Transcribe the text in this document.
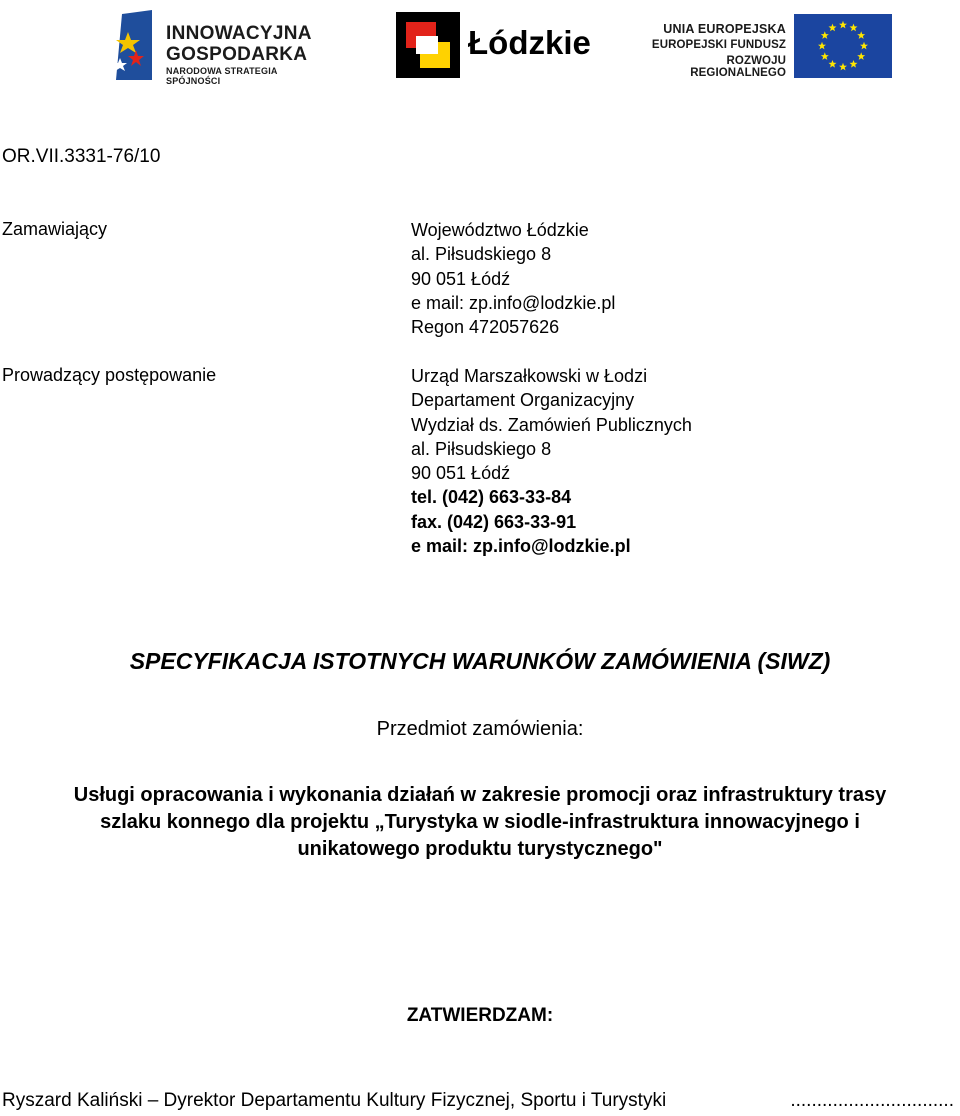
INNOWACYJNA
GOSPODARKA
NARODOWA STRATEGIA SPÓJNOŚCI
Łódzkie	UNIA EUROPEJSKA
EUROPEJSKI FUNDUSZ
ROZWOJU REGIONALNEGO
OR.VII.3331-76/10
Zamawiający	Województwo Łódzkie
al. Piłsudskiego 8
90 051 Łódź
e mail: zp.info@lodzkie.pl
Regon 472057626
Prowadzący postępowanie	Urząd Marszałkowski w Łodzi
Departament Organizacyjny
Wydział ds. Zamówień Publicznych
al. Piłsudskiego 8
90 051 Łódź
tel. (042) 663-33-84
fax. (042) 663-33-91
e mail: zp.info@lodzkie.pl
SPECYFIKACJA ISTOTNYCH WARUNKÓW ZAMÓWIENIA (SIWZ)
Przedmiot zamówienia:
Usługi opracowania i wykonania działań w zakresie promocji oraz infrastruktury trasy
szlaku konnego dla projektu „Turystyka w siodle-infrastruktura innowacyjnego i
unikatowego produktu turystycznego"
ZATWIERDZAM:
Ryszard Kaliński – Dyrektor Departamentu Kultury Fizycznej, Sportu i Turystyki	...............................
